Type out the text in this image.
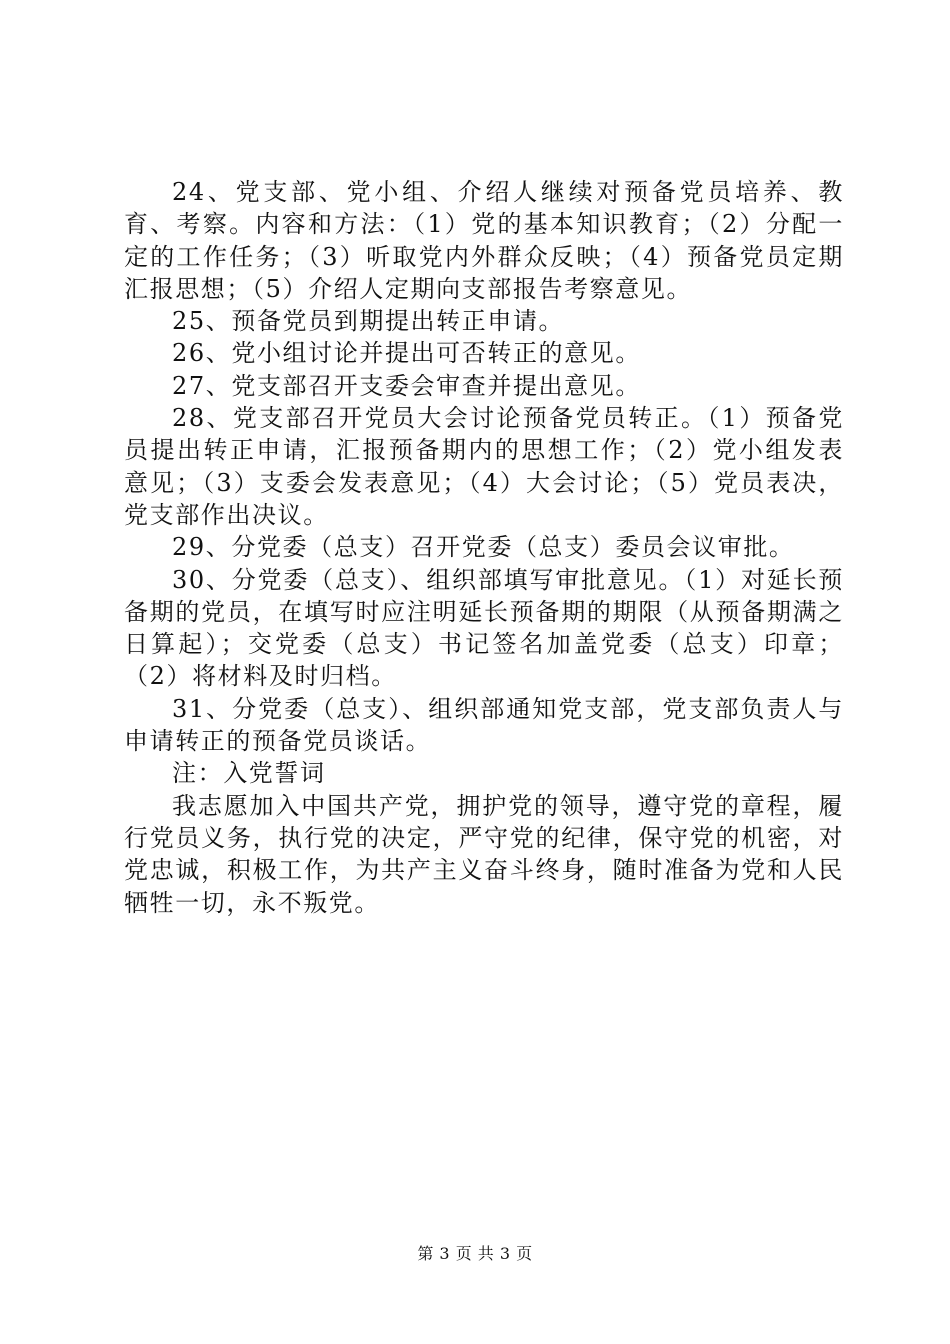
24、党支部、党小组、介绍人继续对预备党员培养、教育、考察。内容和方法：（1）党的基本知识教育；（2）分配一定的工作任务；（3）听取党内外群众反映；（4）预备党员定期汇报思想；（5）介绍人定期向支部报告考察意见。

25、预备党员到期提出转正申请。

26、党小组讨论并提出可否转正的意见。

27、党支部召开支委会审查并提出意见。

28、党支部召开党员大会讨论预备党员转正。（1）预备党员提出转正申请，汇报预备期内的思想工作；（2）党小组发表意见；（3）支委会发表意见；（4）大会讨论；（5）党员表决，党支部作出决议。

29、分党委（总支）召开党委（总支）委员会议审批。

30、分党委（总支）、组织部填写审批意见。（1）对延长预备期的党员，在填写时应注明延长预备期的期限（从预备期满之日算起）；交党委（总支）书记签名加盖党委（总支）印章；（2）将材料及时归档。

31、分党委（总支）、组织部通知党支部，党支部负责人与申请转正的预备党员谈话。

注：入党誓词

我志愿加入中国共产党，拥护党的领导，遵守党的章程，履行党员义务，执行党的决定，严守党的纪律，保守党的机密，对党忠诚，积极工作，为共产主义奋斗终身，随时准备为党和人民牺牲一切，永不叛党。

第 3 页 共 3 页
